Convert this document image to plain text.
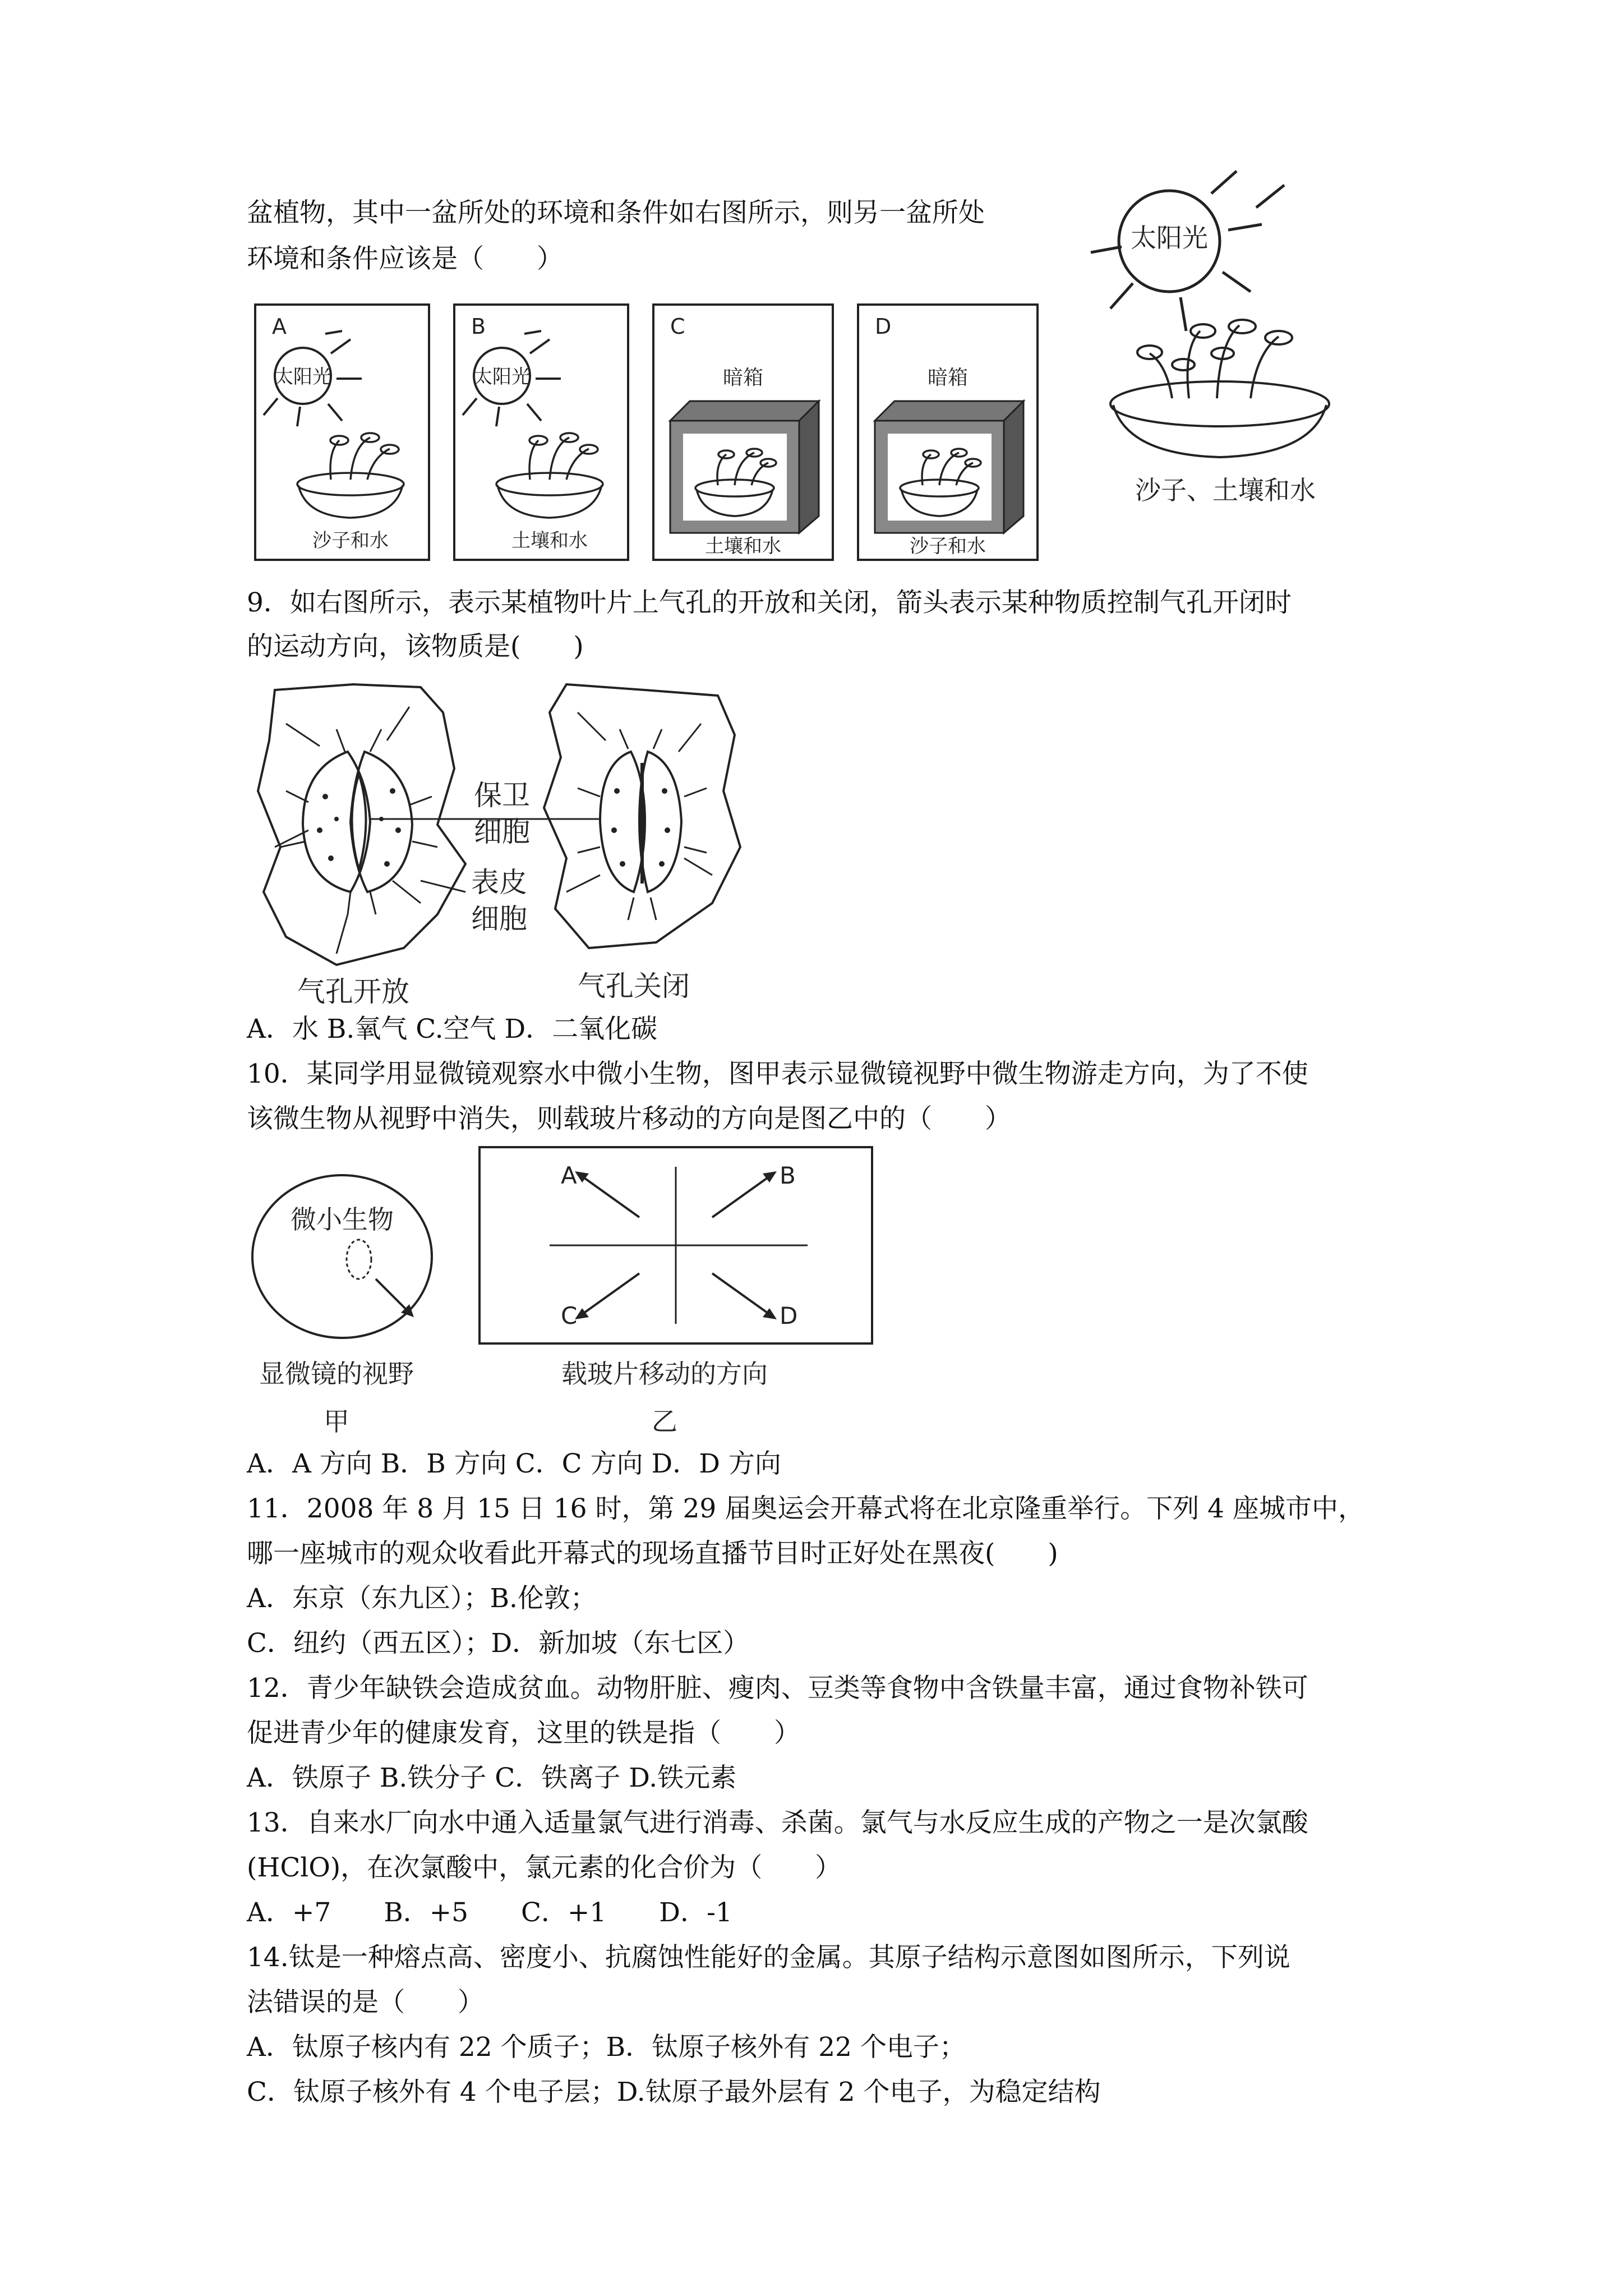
盆植物，其中一盆所处的环境和条件如右图所示，则另一盆所处
环境和条件应该是（　　）
太阳光
沙子、土壤和水
A
太阳光
沙子和水
B
太阳光
土壤和水
C
暗箱
土壤和水
D
暗箱
沙子和水
9．如右图所示，表示某植物叶片上气孔的开放和关闭，箭头表示某种物质控制气孔开闭时
的运动方向，该物质是(　　)
保卫
细胞
表皮
细胞
气孔开放	气孔关闭
A．水 B.氧气 C.空气 D．二氧化碳
10．某同学用显微镜观察水中微小生物，图甲表示显微镜视野中微生物游走方向，为了不使
该微生物从视野中消失，则载玻片移动的方向是图乙中的（　　）
微小生物
显微镜的视野
甲
A	B
C	D
载玻片移动的方向
乙
A．A 方向 B．B 方向 C．C 方向 D．D 方向
11．2008 年 8 月 15 日 16 时，第 29 届奥运会开幕式将在北京隆重举行。下列 4 座城市中，
哪一座城市的观众收看此开幕式的现场直播节目时正好处在黑夜(　　)
A．东京（东九区）；B.伦敦；
C．纽约（西五区）；D．新加坡（东七区）
12．青少年缺铁会造成贫血。动物肝脏、瘦肉、豆类等食物中含铁量丰富，通过食物补铁可
促进青少年的健康发育，这里的铁是指（　　）
A．铁原子 B.铁分子 C．铁离子 D.铁元素
13．自来水厂向水中通入适量氯气进行消毒、杀菌。氯气与水反应生成的产物之一是次氯酸
(HClO)，在次氯酸中，氯元素的化合价为（　　）
A．+7　　B．+5　　C．+1　　D．-1
14.钛是一种熔点高、密度小、抗腐蚀性能好的金属。其原子结构示意图如图所示，下列说
法错误的是（　　）
A．钛原子核内有 22 个质子；B．钛原子核外有 22 个电子；
C．钛原子核外有 4 个电子层；D.钛原子最外层有 2 个电子，为稳定结构
